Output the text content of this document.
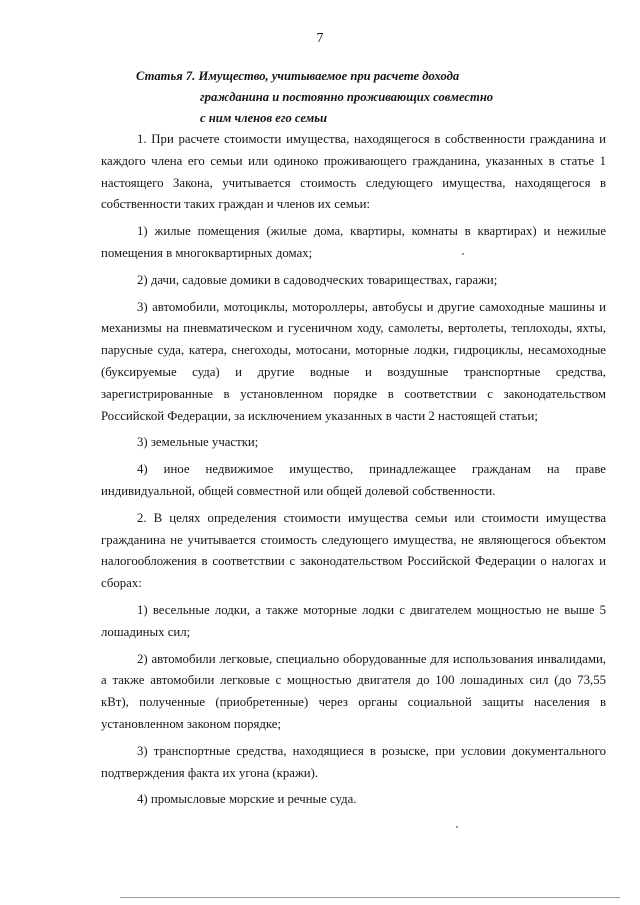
7
Статья 7. Имущество, учитываемое при расчете дохода
гражданина и постоянно проживающих совместно
с ним членов его семьи

1. При расчете стоимости имущества, находящегося в собственности гражданина и каждого члена его семьи или одиноко проживающего гражданина, указанных в статье 1 настоящего Закона, учитывается стоимость следующего имущества, находящегося в собственности таких граждан и членов их семьи:

1) жилые помещения (жилые дома, квартиры, комнаты в квартирах) и нежилые помещения в многоквартирных домах;

2) дачи, садовые домики в садоводческих товариществах, гаражи;

3) автомобили, мотоциклы, мотороллеры, автобусы и другие самоходные машины и механизмы на пневматическом и гусеничном ходу, самолеты, вертолеты, теплоходы, яхты, парусные суда, катера, снегоходы, мотосани, моторные лодки, гидроциклы, несамоходные (буксируемые суда) и другие водные и воздушные транспортные средства, зарегистрированные в установленном порядке в соответствии с законодательством Российской Федерации, за исключением указанных в части 2 настоящей статьи;

3) земельные участки;

4) иное недвижимое имущество, принадлежащее гражданам на праве индивидуальной, общей совместной или общей долевой собственности.

2. В целях определения стоимости имущества семьи или стоимости имущества гражданина не учитывается стоимость следующего имущества, не являющегося объектом налогообложения в соответствии с законодательством Российской Федерации о налогах и сборах:

1) весельные лодки, а также моторные лодки с двигателем мощностью не выше 5 лошадиных сил;

2) автомобили легковые, специально оборудованные для использования инвалидами, а также автомобили легковые с мощностью двигателя до 100 лошадиных сил (до 73,55 кВт), полученные (приобретенные) через органы социальной защиты населения в установленном законом порядке;

3) транспортные средства, находящиеся в розыске, при условии документального подтверждения факта их угона (кражи).

4) промысловые морские и речные суда.
